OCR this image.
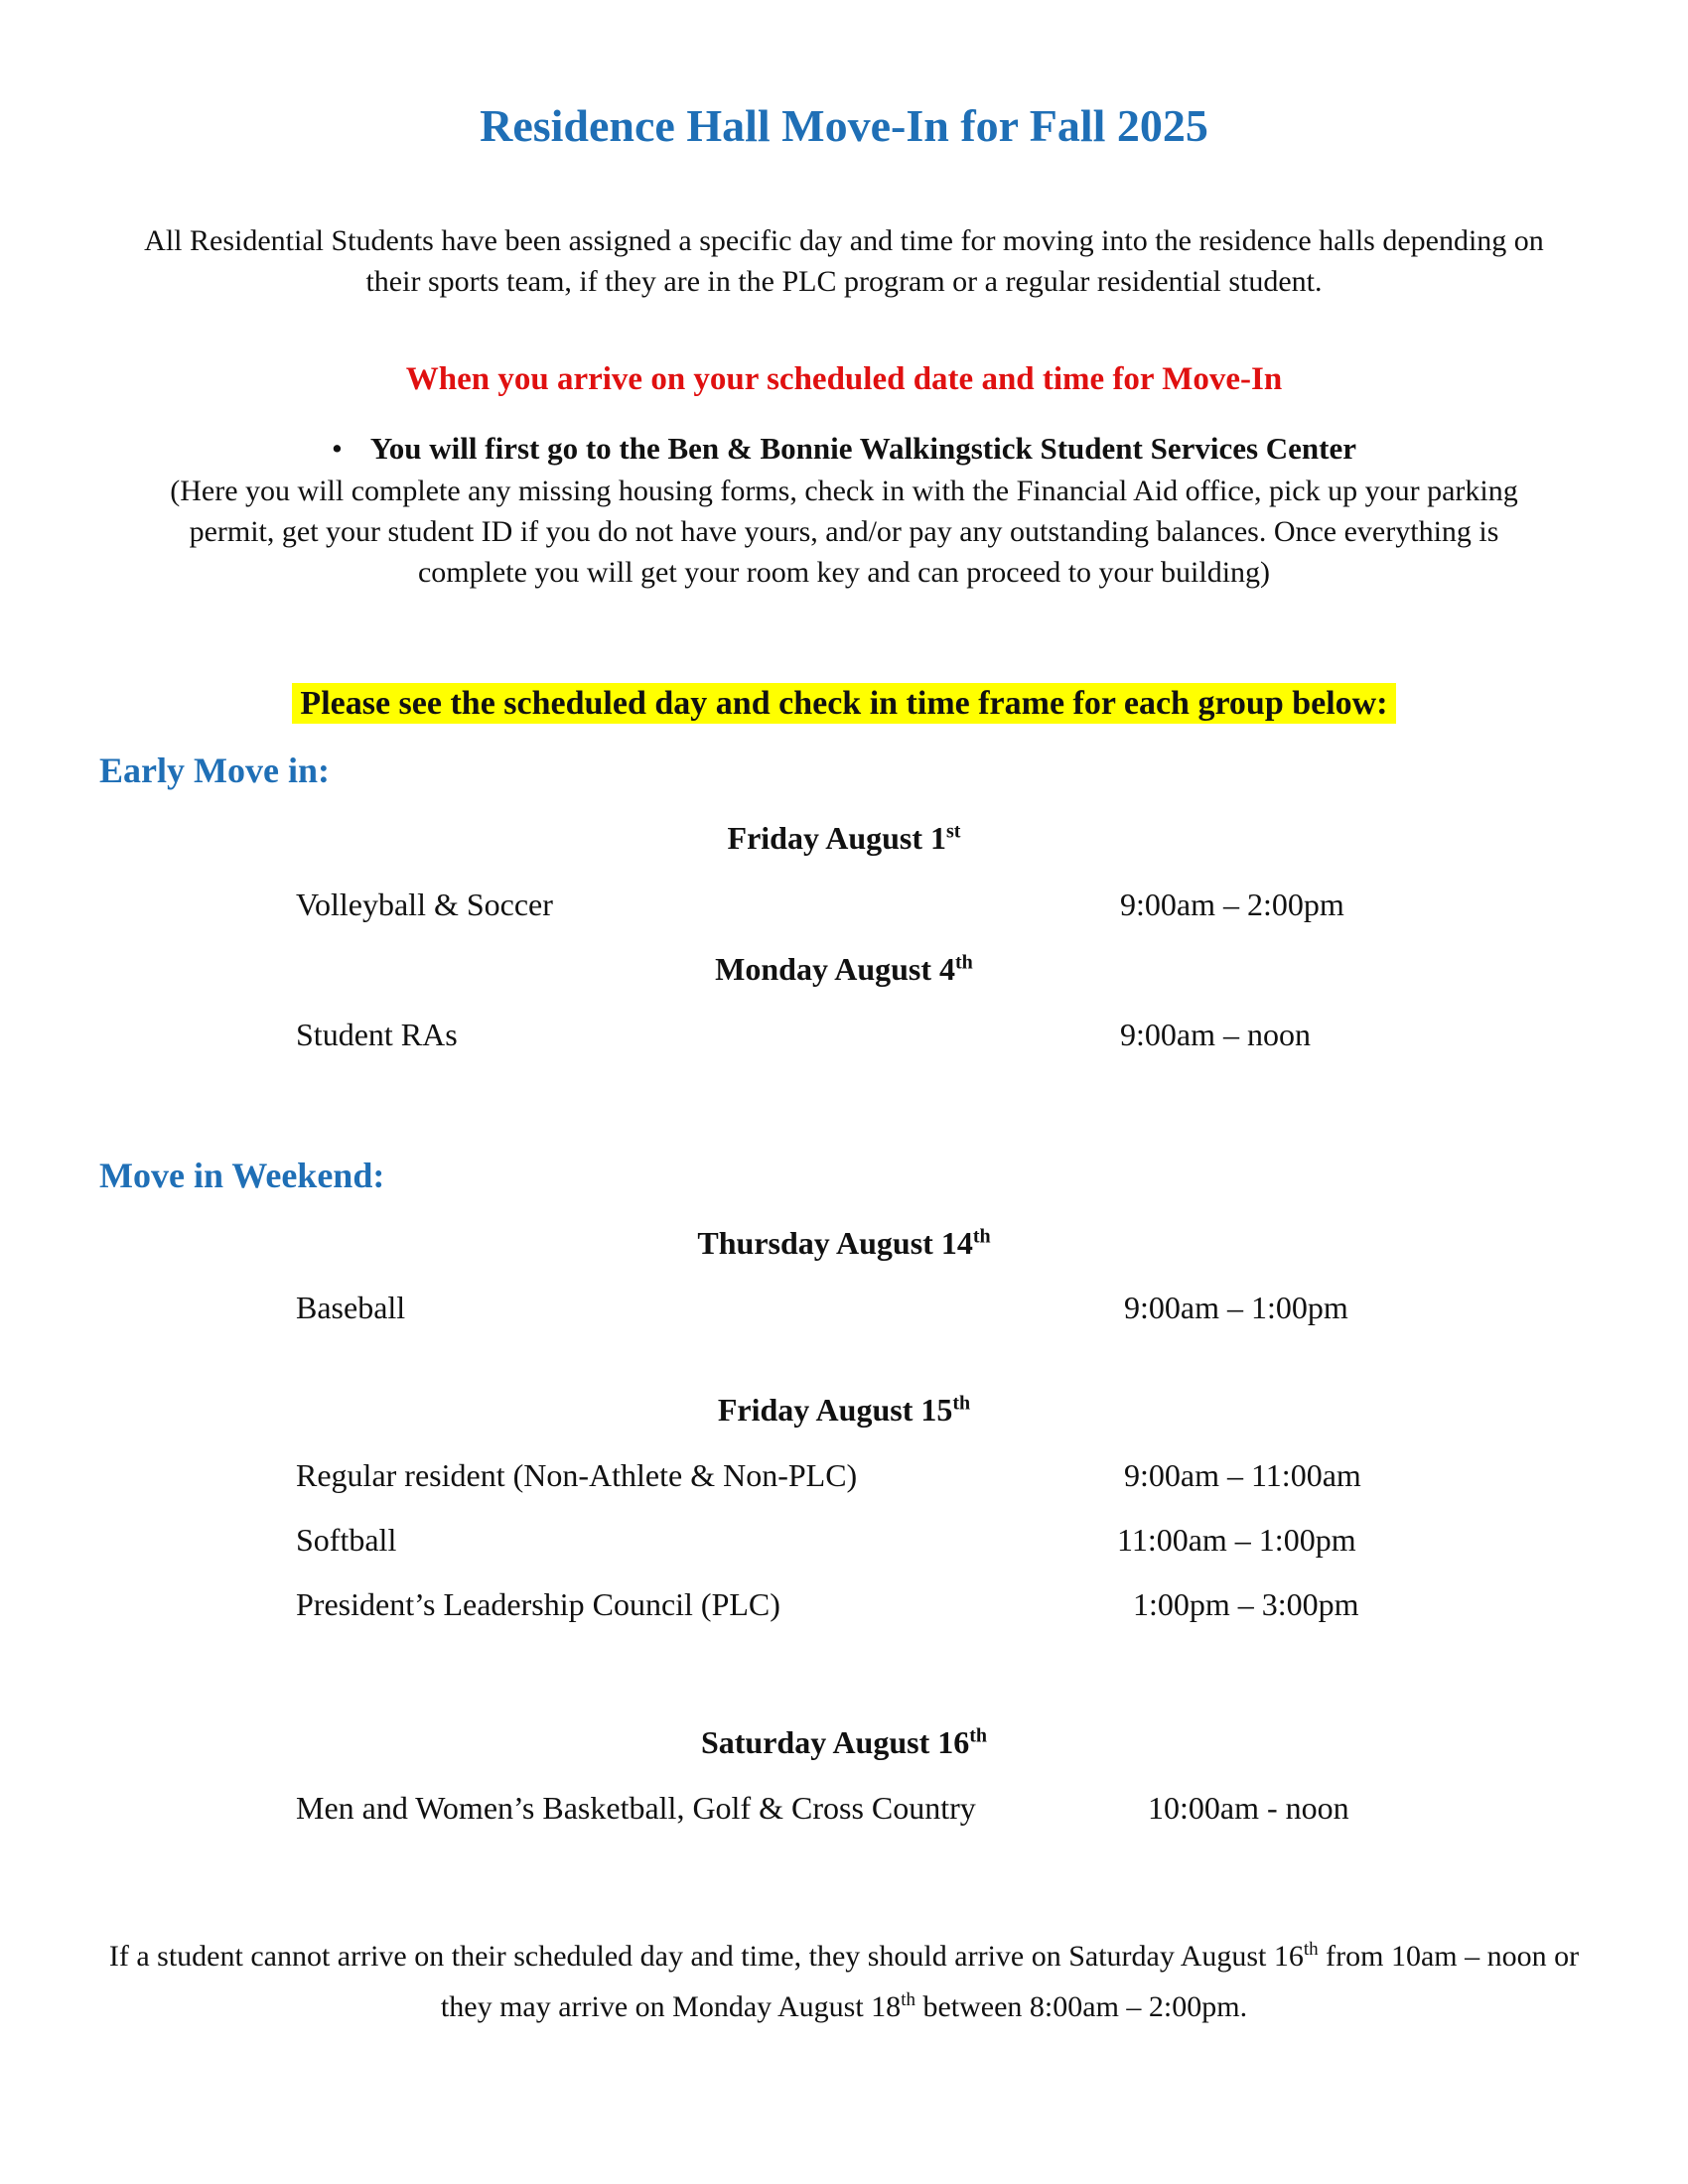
Residence Hall Move-In for Fall 2025
All Residential Students have been assigned a specific day and time for moving into the residence halls depending on their sports team, if they are in the PLC program or a regular residential student.
When you arrive on your scheduled date and time for Move-In
• You will first go to the Ben & Bonnie Walkingstick Student Services Center
(Here you will complete any missing housing forms, check in with the Financial Aid office, pick up your parking permit, get your student ID if you do not have yours, and/or pay any outstanding balances. Once everything is complete you will get your room key and can proceed to your building)
Please see the scheduled day and check in time frame for each group below:
Early Move in:
Friday August 1st
Volleyball & Soccer	9:00am – 2:00pm
Monday August 4th
Student RAs	9:00am – noon
Move in Weekend:
Thursday August 14th
Baseball	9:00am – 1:00pm
Friday August 15th
Regular resident (Non-Athlete & Non-PLC)	9:00am – 11:00am
Softball	11:00am – 1:00pm
President’s Leadership Council (PLC)	1:00pm – 3:00pm
Saturday August 16th
Men and Women’s Basketball, Golf & Cross Country	10:00am - noon
If a student cannot arrive on their scheduled day and time, they should arrive on Saturday August 16th from 10am – noon or they may arrive on Monday August 18th between 8:00am – 2:00pm.
